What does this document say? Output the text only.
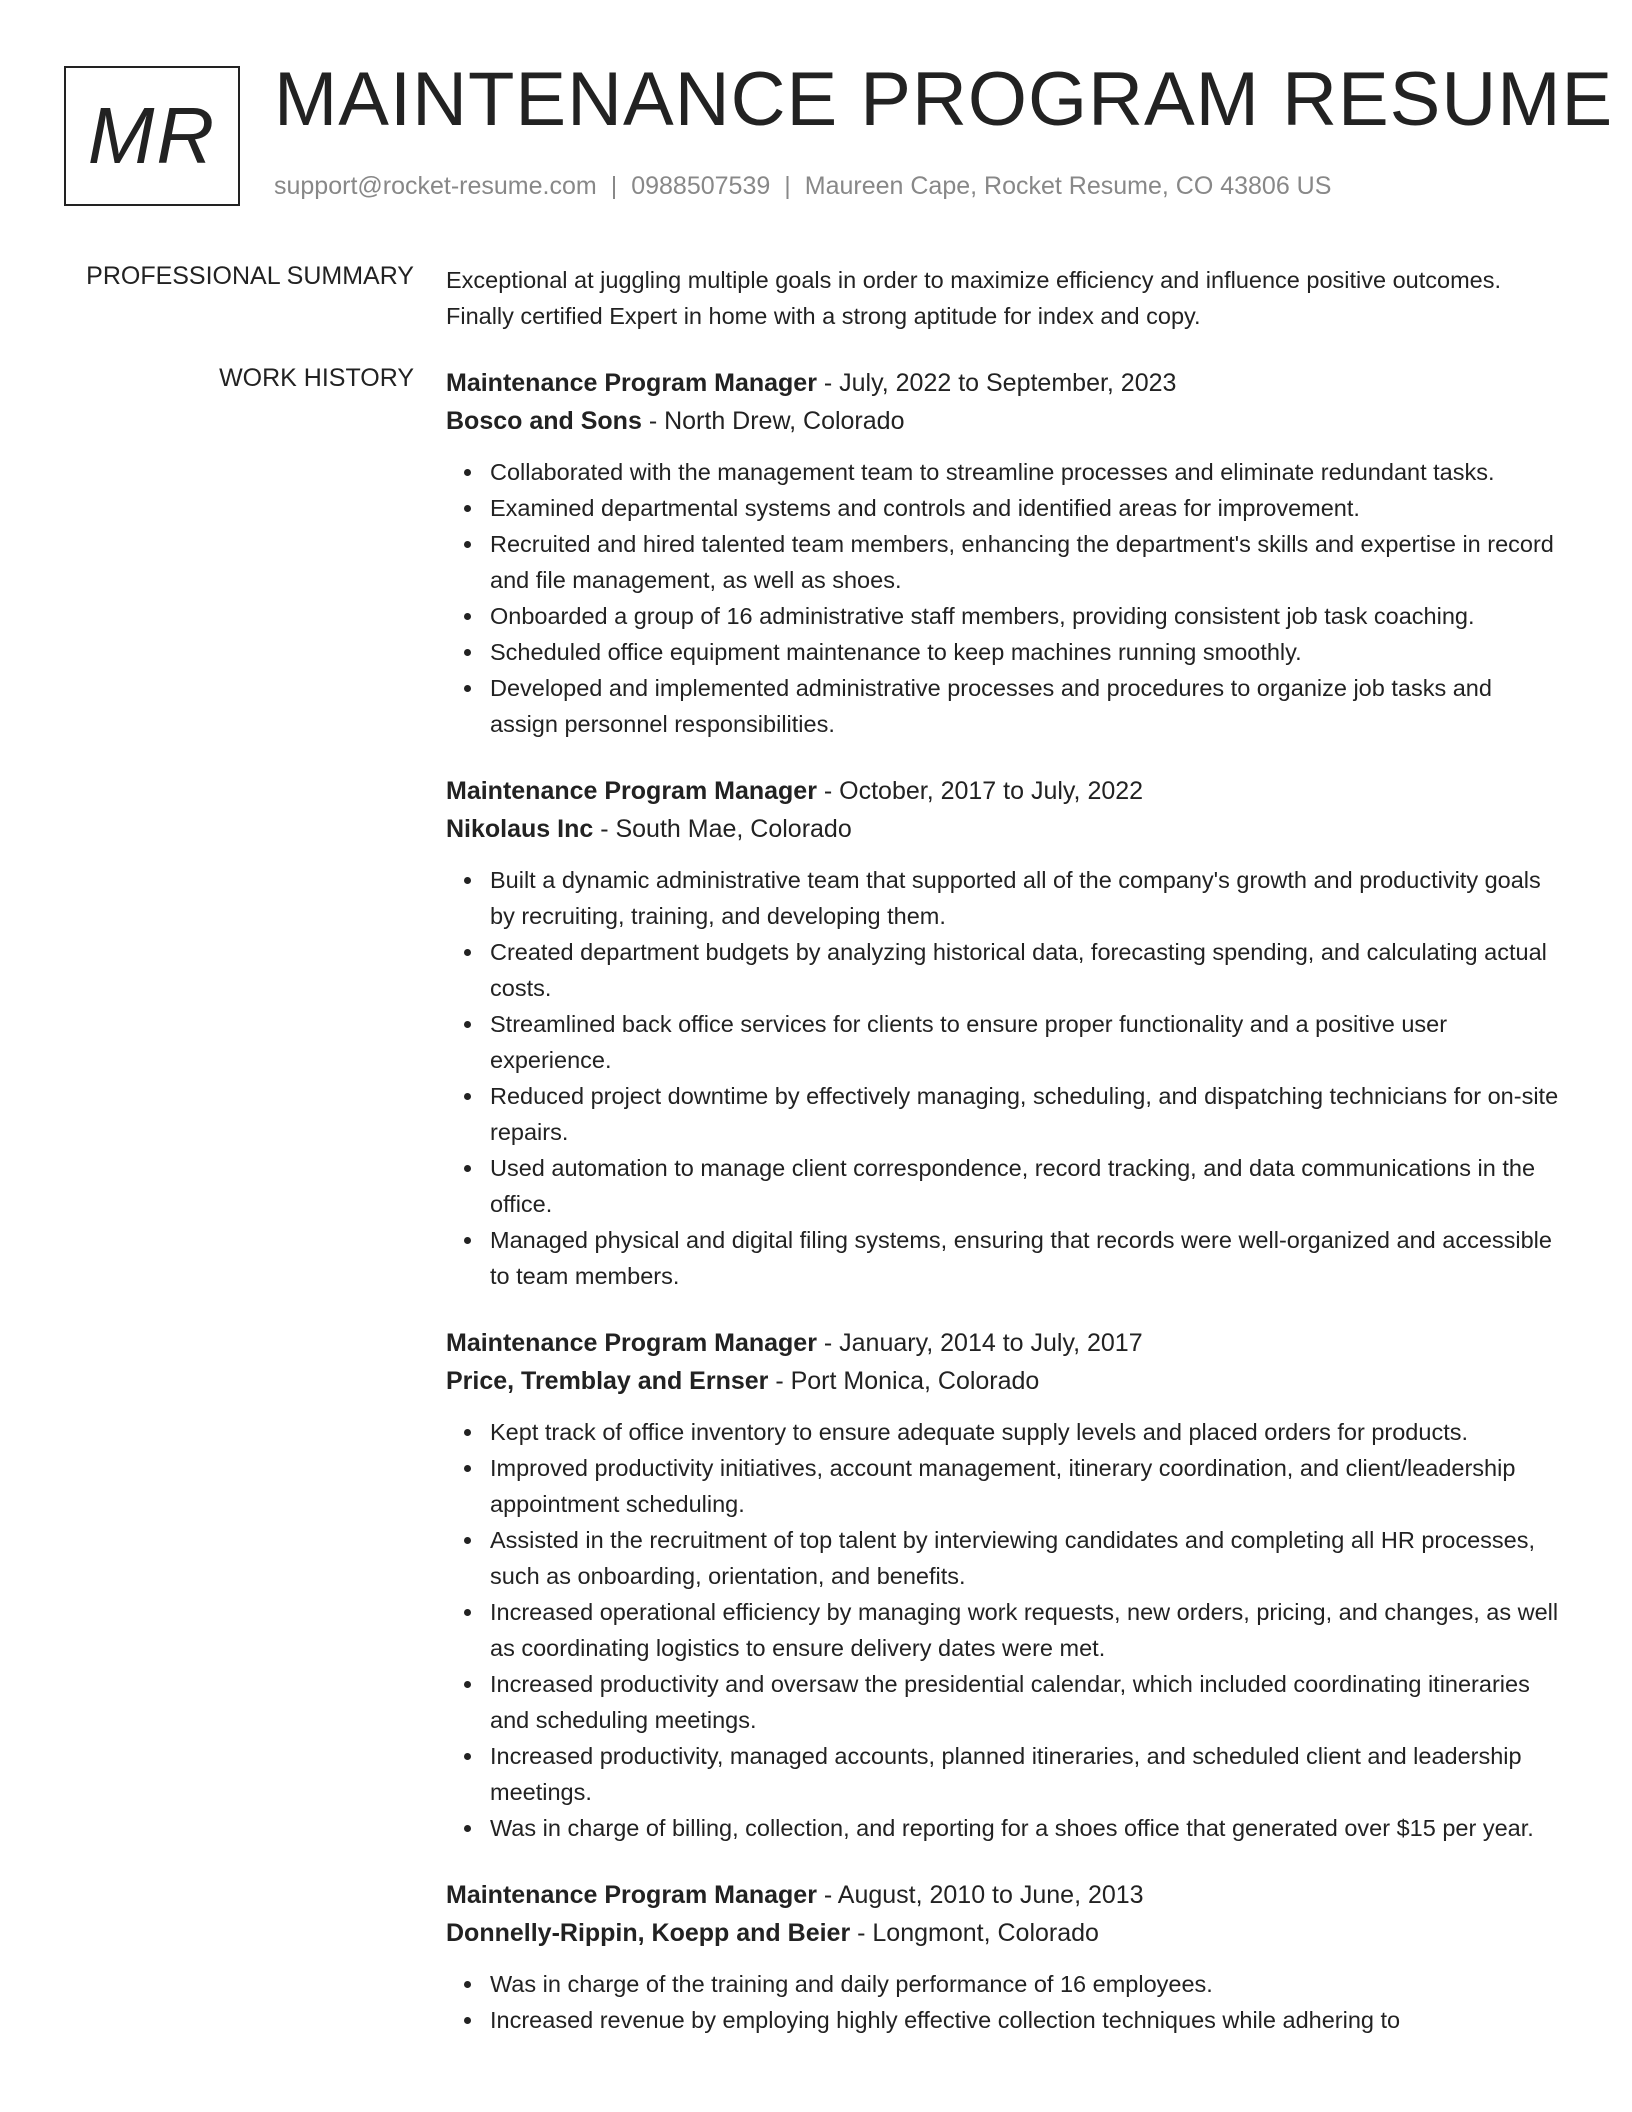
MR MAINTENANCE PROGRAM RESUME
support@rocket-resume.com | 0988507539 | Maureen Cape, Rocket Resume, CO 43806 US
PROFESSIONAL SUMMARY Exceptional at juggling multiple goals in order to maximize efficiency and influence positive outcomes. Finally certified Expert in home with a strong aptitude for index and copy.

WORK HISTORY Maintenance Program Manager - July, 2022 to September, 2023
Bosco and Sons - North Drew, Colorado
Collaborated with the management team to streamline processes and eliminate redundant tasks.
Examined departmental systems and controls and identified areas for improvement.
Recruited and hired talented team members, enhancing the department's skills and expertise in record and file management, as well as shoes.
Onboarded a group of 16 administrative staff members, providing consistent job task coaching.
Scheduled office equipment maintenance to keep machines running smoothly.
Developed and implemented administrative processes and procedures to organize job tasks and assign personnel responsibilities.
Maintenance Program Manager - October, 2017 to July, 2022
Nikolaus Inc - South Mae, Colorado
Built a dynamic administrative team that supported all of the company's growth and productivity goals by recruiting, training, and developing them.
Created department budgets by analyzing historical data, forecasting spending, and calculating actual costs.
Streamlined back office services for clients to ensure proper functionality and a positive user experience.
Reduced project downtime by effectively managing, scheduling, and dispatching technicians for on-site repairs.
Used automation to manage client correspondence, record tracking, and data communications in the office.
Managed physical and digital filing systems, ensuring that records were well-organized and accessible to team members.
Maintenance Program Manager - January, 2014 to July, 2017
Price, Tremblay and Ernser - Port Monica, Colorado
Kept track of office inventory to ensure adequate supply levels and placed orders for products.
Improved productivity initiatives, account management, itinerary coordination, and client/leadership appointment scheduling.
Assisted in the recruitment of top talent by interviewing candidates and completing all HR processes, such as onboarding, orientation, and benefits.
Increased operational efficiency by managing work requests, new orders, pricing, and changes, as well as coordinating logistics to ensure delivery dates were met.
Increased productivity and oversaw the presidential calendar, which included coordinating itineraries and scheduling meetings.
Increased productivity, managed accounts, planned itineraries, and scheduled client and leadership meetings.
Was in charge of billing, collection, and reporting for a shoes office that generated over $15 per year.
Maintenance Program Manager - August, 2010 to June, 2013
Donnelly-Rippin, Koepp and Beier - Longmont, Colorado
Was in charge of the training and daily performance of 16 employees.
Increased revenue by employing highly effective collection techniques while adhering to
